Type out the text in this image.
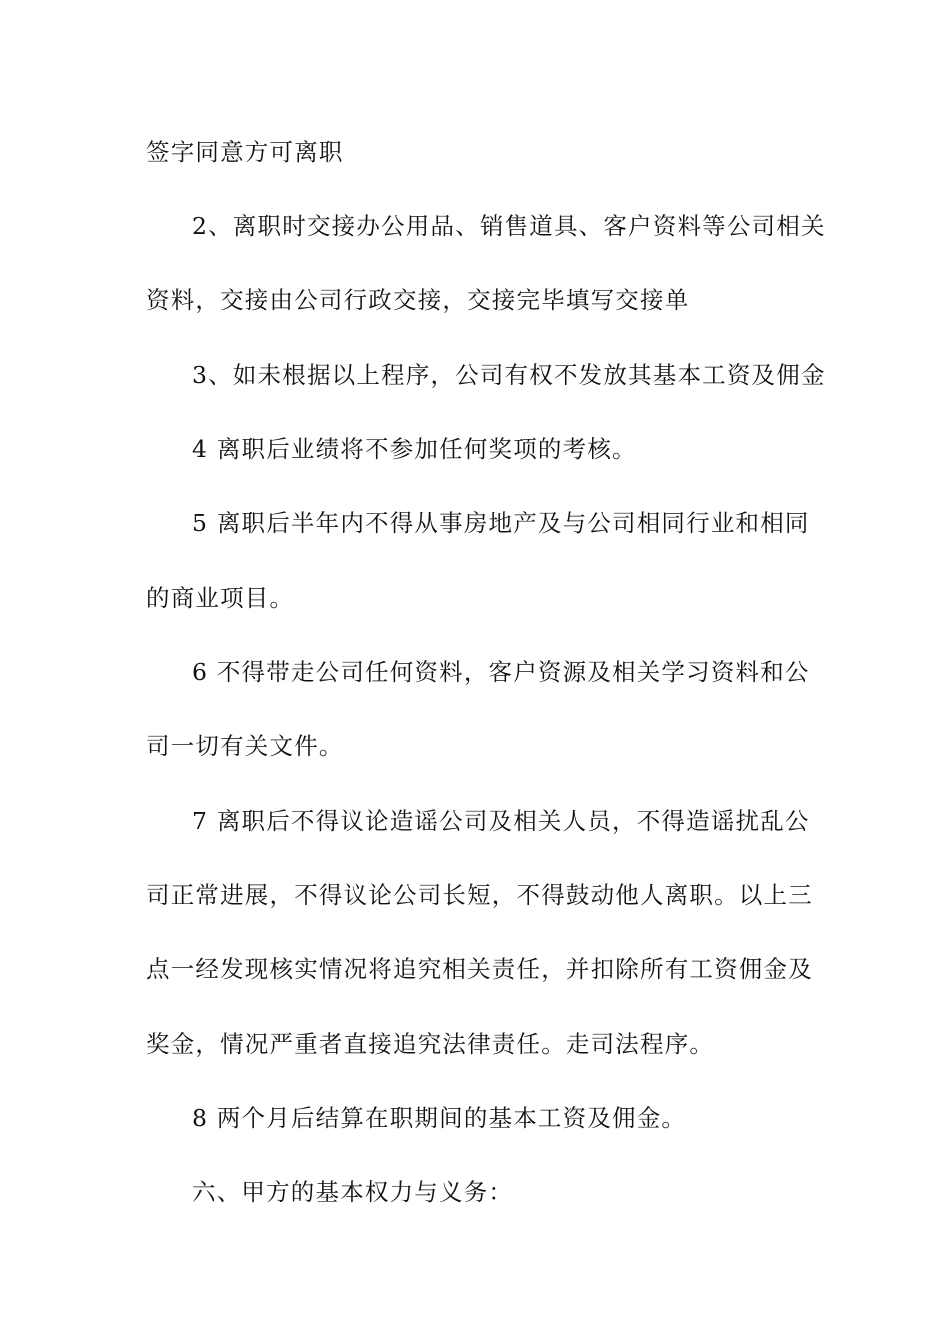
签字同意方可离职
2、离职时交接办公用品、销售道具、客户资料等公司相关
资料，交接由公司行政交接，交接完毕填写交接单
3、如未根据以上程序，公司有权不发放其基本工资及佣金
4 离职后业绩将不参加任何奖项的考核。
5 离职后半年内不得从事房地产及与公司相同行业和相同
的商业项目。
6 不得带走公司任何资料，客户资源及相关学习资料和公
司一切有关文件。
7 离职后不得议论造谣公司及相关人员，不得造谣扰乱公
司正常进展，不得议论公司长短，不得鼓动他人离职。以上三
点一经发现核实情况将追究相关责任，并扣除所有工资佣金及
奖金，情况严重者直接追究法律责任。走司法程序。
8 两个月后结算在职期间的基本工资及佣金。
六、甲方的基本权力与义务：
